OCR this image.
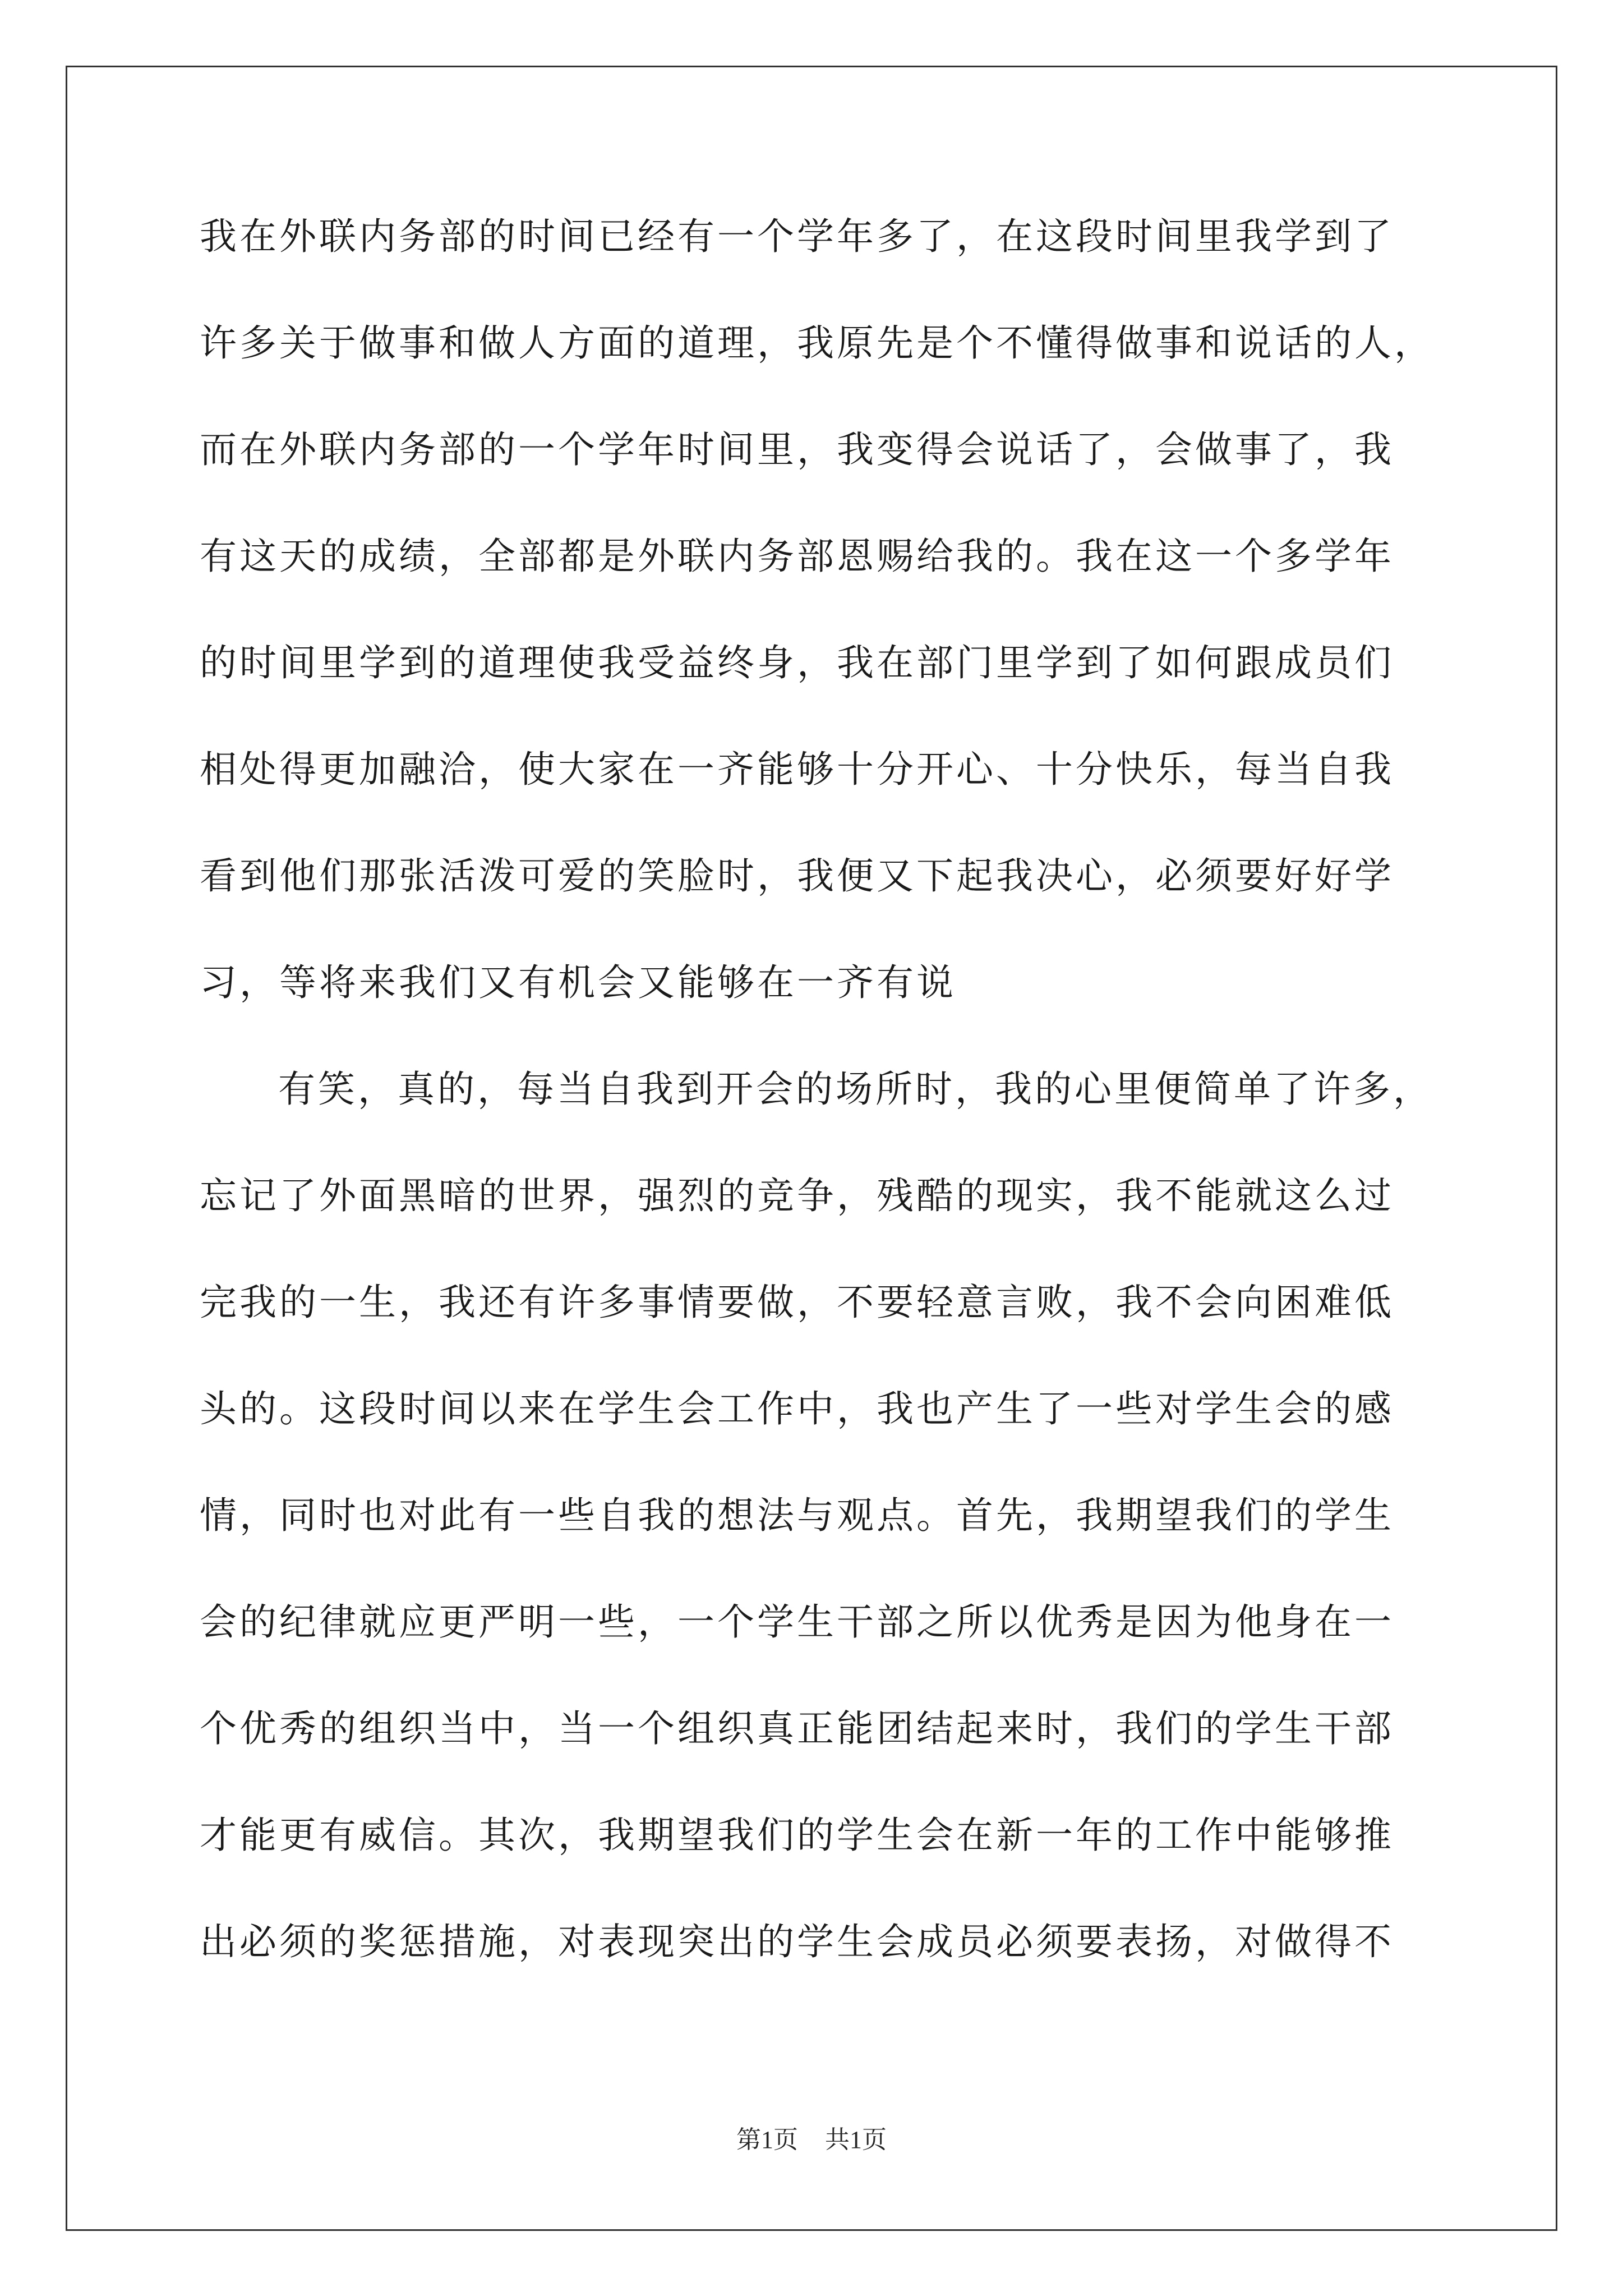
我在外联内务部的时间已经有一个学年多了，在这段时间里我学到了

许多关于做事和做人方面的道理，我原先是个不懂得做事和说话的人，

而在外联内务部的一个学年时间里，我变得会说话了，会做事了，我

有这天的成绩，全部都是外联内务部恩赐给我的。我在这一个多学年

的时间里学到的道理使我受益终身，我在部门里学到了如何跟成员们

相处得更加融洽，使大家在一齐能够十分开心、十分快乐，每当自我

看到他们那张活泼可爱的笑脸时，我便又下起我决心，必须要好好学

习，等将来我们又有机会又能够在一齐有说

有笑，真的，每当自我到开会的场所时，我的心里便简单了许多，

忘记了外面黑暗的世界，强烈的竞争，残酷的现实，我不能就这么过

完我的一生，我还有许多事情要做，不要轻意言败，我不会向困难低

头的。这段时间以来在学生会工作中，我也产生了一些对学生会的感

情，同时也对此有一些自我的想法与观点。首先，我期望我们的学生

会的纪律就应更严明一些，一个学生干部之所以优秀是因为他身在一

个优秀的组织当中，当一个组织真正能团结起来时，我们的学生干部

才能更有威信。其次，我期望我们的学生会在新一年的工作中能够推

出必须的奖惩措施，对表现突出的学生会成员必须要表扬，对做得不

第1页 共1页
